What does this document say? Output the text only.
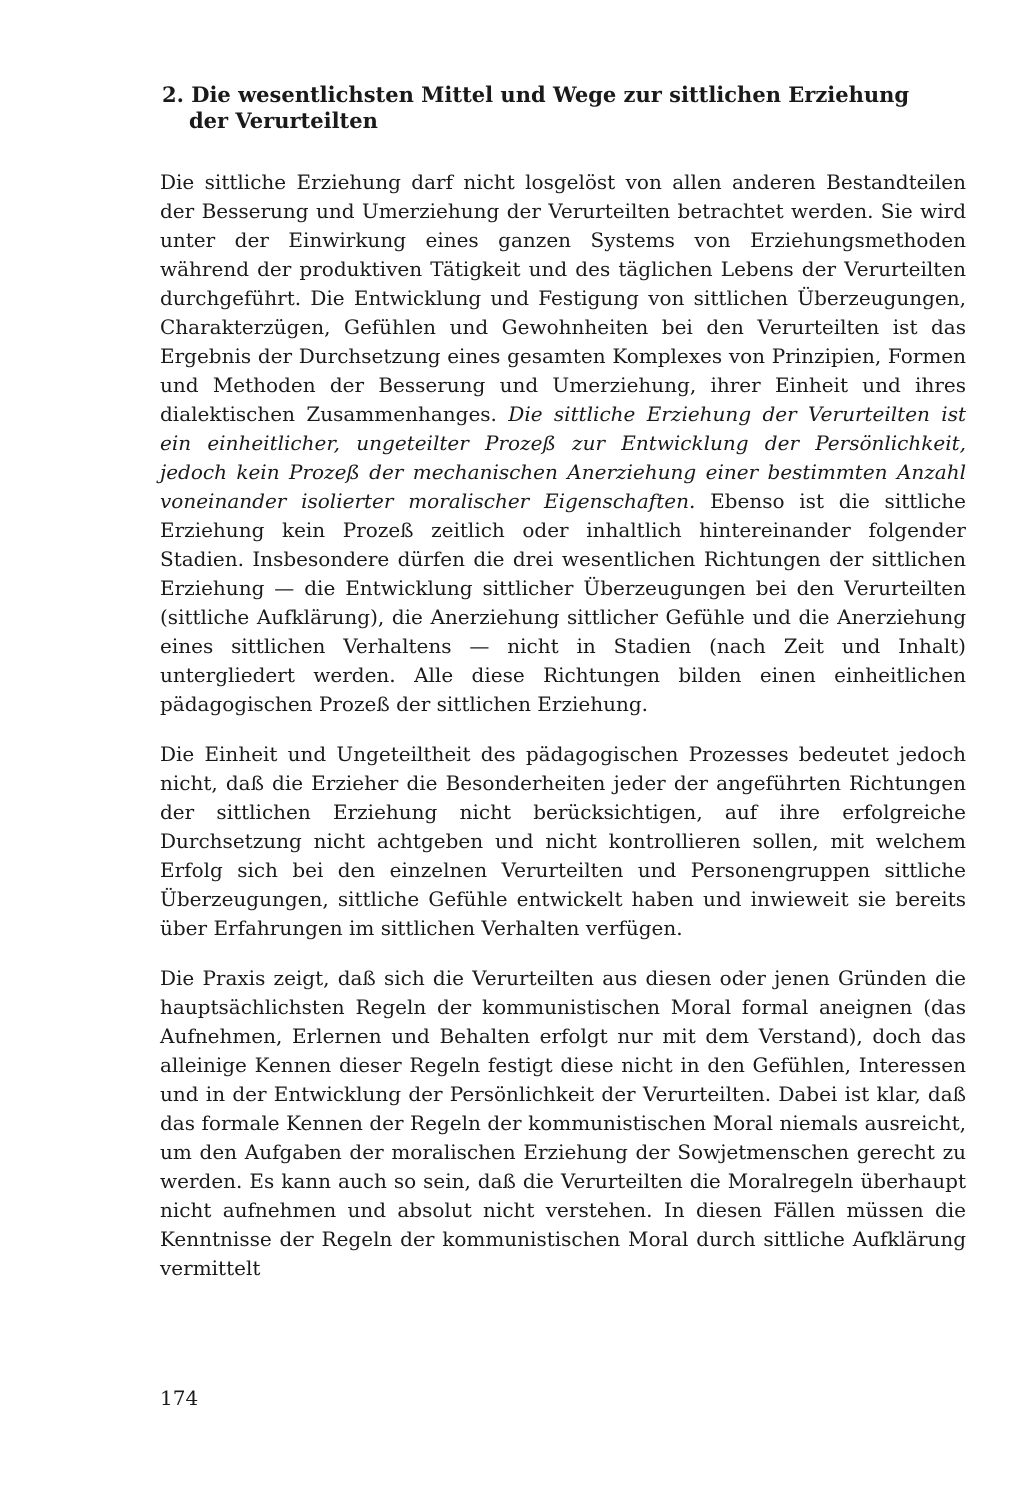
2. Die wesentlichsten Mittel und Wege zur sittlichen Erziehung
der Verurteilten

Die sittliche Erziehung darf nicht losgelöst von allen anderen Bestandteilen der Besserung und Umerziehung der Verurteilten betrachtet werden. Sie wird unter der Einwirkung eines ganzen Systems von Erziehungsmethoden während der produktiven Tätigkeit und des täglichen Lebens der Verurteilten durchgeführt. Die Entwicklung und Festigung von sittlichen Überzeugungen, Charakterzügen, Gefühlen und Gewohnheiten bei den Verurteilten ist das Ergebnis der Durchsetzung eines gesamten Komplexes von Prinzipien, Formen und Methoden der Besserung und Umerziehung, ihrer Einheit und ihres dialektischen Zusammenhanges. Die sittliche Erziehung der Verurteilten ist ein einheitlicher, ungeteilter Prozeß zur Entwicklung der Persönlichkeit, jedoch kein Prozeß der mechanischen Anerziehung einer bestimmten Anzahl voneinander isolierter moralischer Eigenschaften. Ebenso ist die sittliche Erziehung kein Prozeß zeitlich oder inhaltlich hintereinander folgender Stadien. Insbesondere dürfen die drei wesentlichen Richtungen der sittlichen Erziehung — die Entwicklung sittlicher Überzeugungen bei den Verurteilten (sittliche Aufklärung), die Anerziehung sittlicher Gefühle und die Anerziehung eines sittlichen Verhaltens — nicht in Stadien (nach Zeit und Inhalt) untergliedert werden. Alle diese Richtungen bilden einen einheitlichen pädagogischen Prozeß der sittlichen Erziehung.

Die Einheit und Ungeteiltheit des pädagogischen Prozesses bedeutet jedoch nicht, daß die Erzieher die Besonderheiten jeder der angeführten Richtungen der sittlichen Erziehung nicht berücksichtigen, auf ihre erfolgreiche Durchsetzung nicht achtgeben und nicht kontrollieren sollen, mit welchem Erfolg sich bei den einzelnen Verurteilten und Personengruppen sittliche Überzeugungen, sittliche Gefühle entwickelt haben und inwieweit sie bereits über Erfahrungen im sittlichen Verhalten verfügen.

Die Praxis zeigt, daß sich die Verurteilten aus diesen oder jenen Gründen die hauptsächlichsten Regeln der kommunistischen Moral formal aneignen (das Aufnehmen, Erlernen und Behalten erfolgt nur mit dem Verstand), doch das alleinige Kennen dieser Regeln festigt diese nicht in den Gefühlen, Interessen und in der Entwicklung der Persönlichkeit der Verurteilten. Dabei ist klar, daß das formale Kennen der Regeln der kommunistischen Moral niemals ausreicht, um den Aufgaben der moralischen Erziehung der Sowjetmenschen gerecht zu werden. Es kann auch so sein, daß die Verurteilten die Moralregeln überhaupt nicht aufnehmen und absolut nicht verstehen. In diesen Fällen müssen die Kenntnisse der Regeln der kommunistischen Moral durch sittliche Aufklärung vermittelt

174
